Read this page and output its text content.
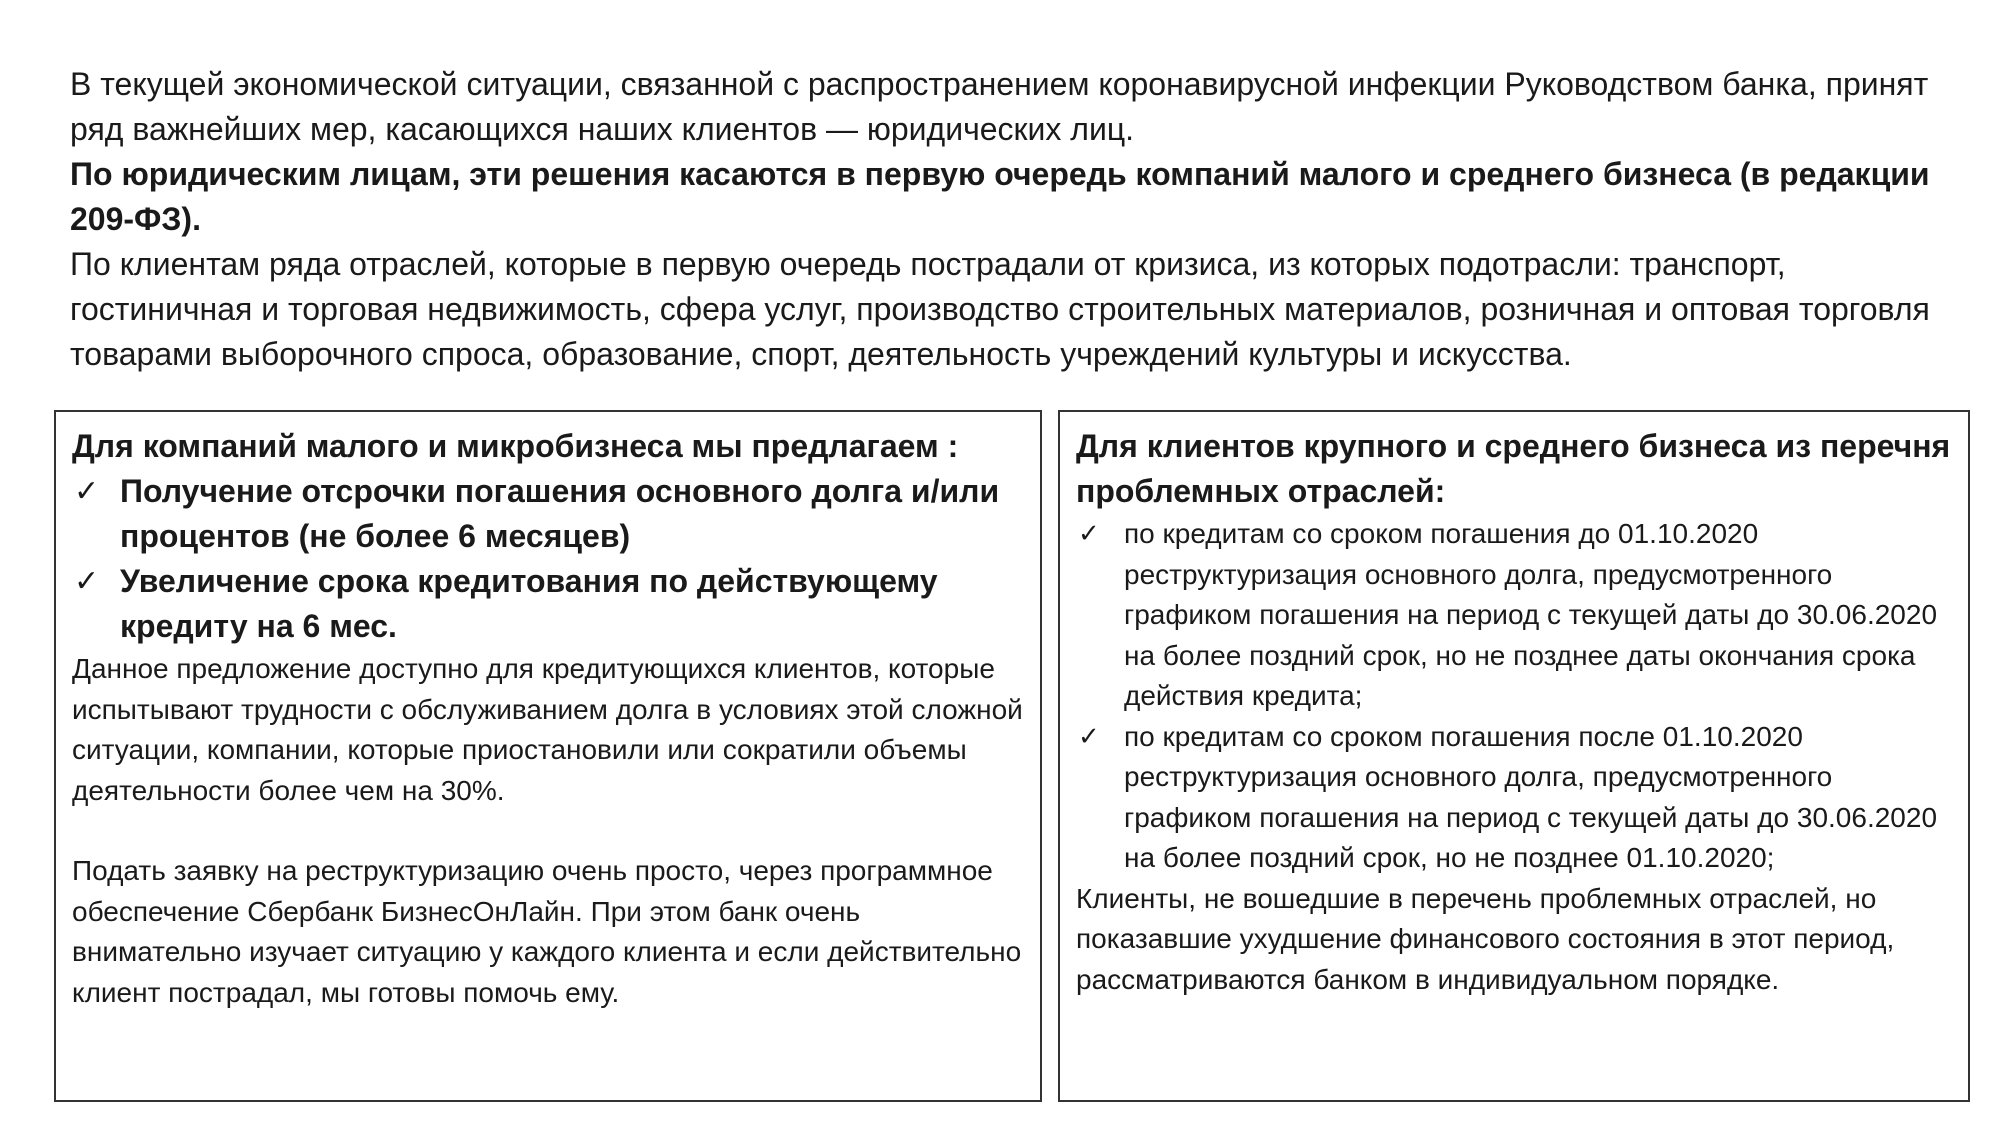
В текущей экономической ситуации, связанной с распространением коронавирусной инфекции Руководством банка, принят ряд важнейших мер, касающихся наших клиентов — юридических лиц.

По юридическим лицам, эти решения касаются в первую очередь компаний малого и среднего бизнеса (в редакции 209-ФЗ).

По клиентам ряда отраслей, которые в первую очередь пострадали от кризиса, из которых подотрасли: транспорт, гостиничная и торговая недвижимость, сфера услуг, производство строительных материалов, розничная и оптовая торговля товарами выборочного спроса, образование, спорт, деятельность учреждений культуры и искусства.

Для компаний малого и микробизнеса мы предлагаем :

✓ Получение отсрочки погашения основного долга и/или процентов (не более 6 месяцев)
✓ Увеличение срока кредитования по действующему кредиту на 6 мес.

Данное предложение доступно для кредитующихся клиентов, которые испытывают трудности с обслуживанием долга в условиях этой сложной ситуации, компании, которые приостановили или сократили объемы деятельности более чем на 30%.

Подать заявку на реструктуризацию очень просто, через программное обеспечение Сбербанк БизнесОнЛайн. При этом банк очень внимательно изучает ситуацию у каждого клиента и если действительно клиент пострадал, мы готовы помочь ему.

Для клиентов крупного и среднего бизнеса из перечня проблемных отраслей:

✓ по кредитам со сроком погашения до 01.10.2020 реструктуризация основного долга, предусмотренного графиком погашения на период с текущей даты до 30.06.2020 на более поздний срок, но не позднее даты окончания срока действия кредита;
✓ по кредитам со сроком погашения после 01.10.2020 реструктуризация основного долга, предусмотренного графиком погашения на период с текущей даты до 30.06.2020 на более поздний срок, но не позднее 01.10.2020;

Клиенты, не вошедшие в перечень проблемных отраслей, но показавшие ухудшение финансового состояния в этот период, рассматриваются банком в индивидуальном порядке.
